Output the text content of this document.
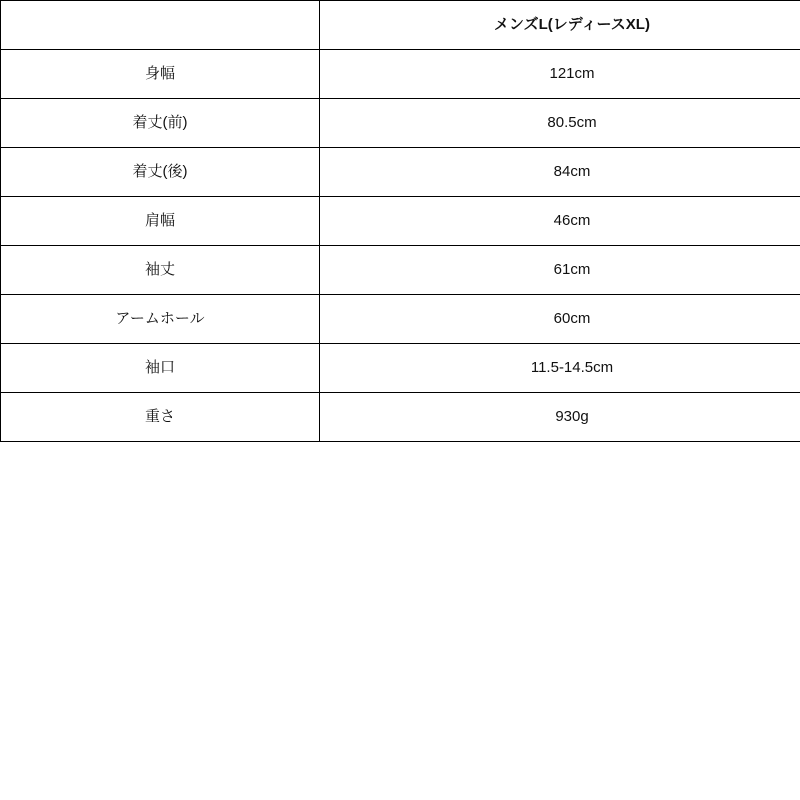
	メンズL(レディースXL)
身幅	121cm
着丈(前)	80.5cm
着丈(後)	84cm
肩幅	46cm
袖丈	61cm
アームホール	60cm
袖口	11.5-14.5cm
重さ	930g
